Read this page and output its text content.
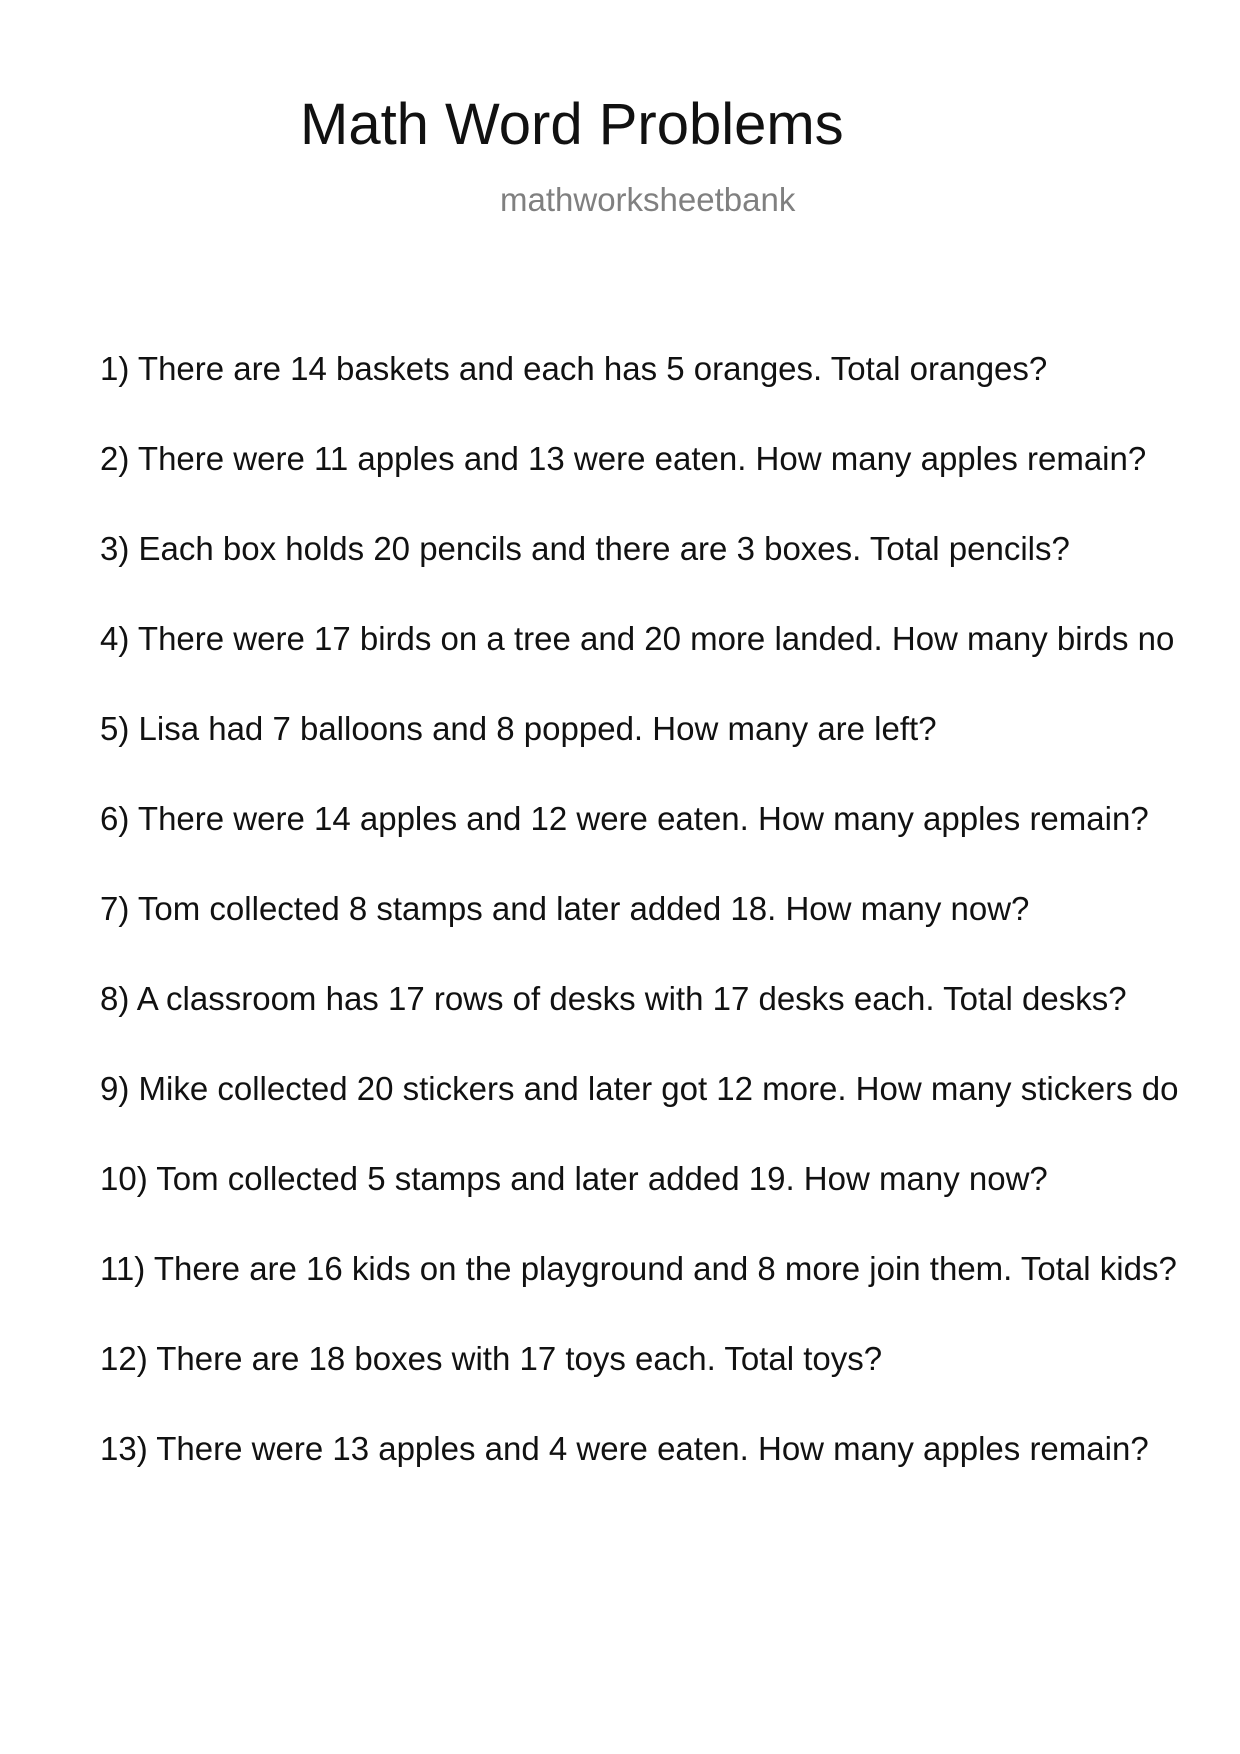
Math Word Problems
mathworksheetbank
1) There are 14 baskets and each has 5 oranges. Total oranges?
2) There were 11 apples and 13 were eaten. How many apples remain?
3) Each box holds 20 pencils and there are 3 boxes. Total pencils?
4) There were 17 birds on a tree and 20 more landed. How many birds no
5) Lisa had 7 balloons and 8 popped. How many are left?
6) There were 14 apples and 12 were eaten. How many apples remain?
7) Tom collected 8 stamps and later added 18. How many now?
8) A classroom has 17 rows of desks with 17 desks each. Total desks?
9) Mike collected 20 stickers and later got 12 more. How many stickers do
10) Tom collected 5 stamps and later added 19. How many now?
11) There are 16 kids on the playground and 8 more join them. Total kids?
12) There are 18 boxes with 17 toys each. Total toys?
13) There were 13 apples and 4 were eaten. How many apples remain?
